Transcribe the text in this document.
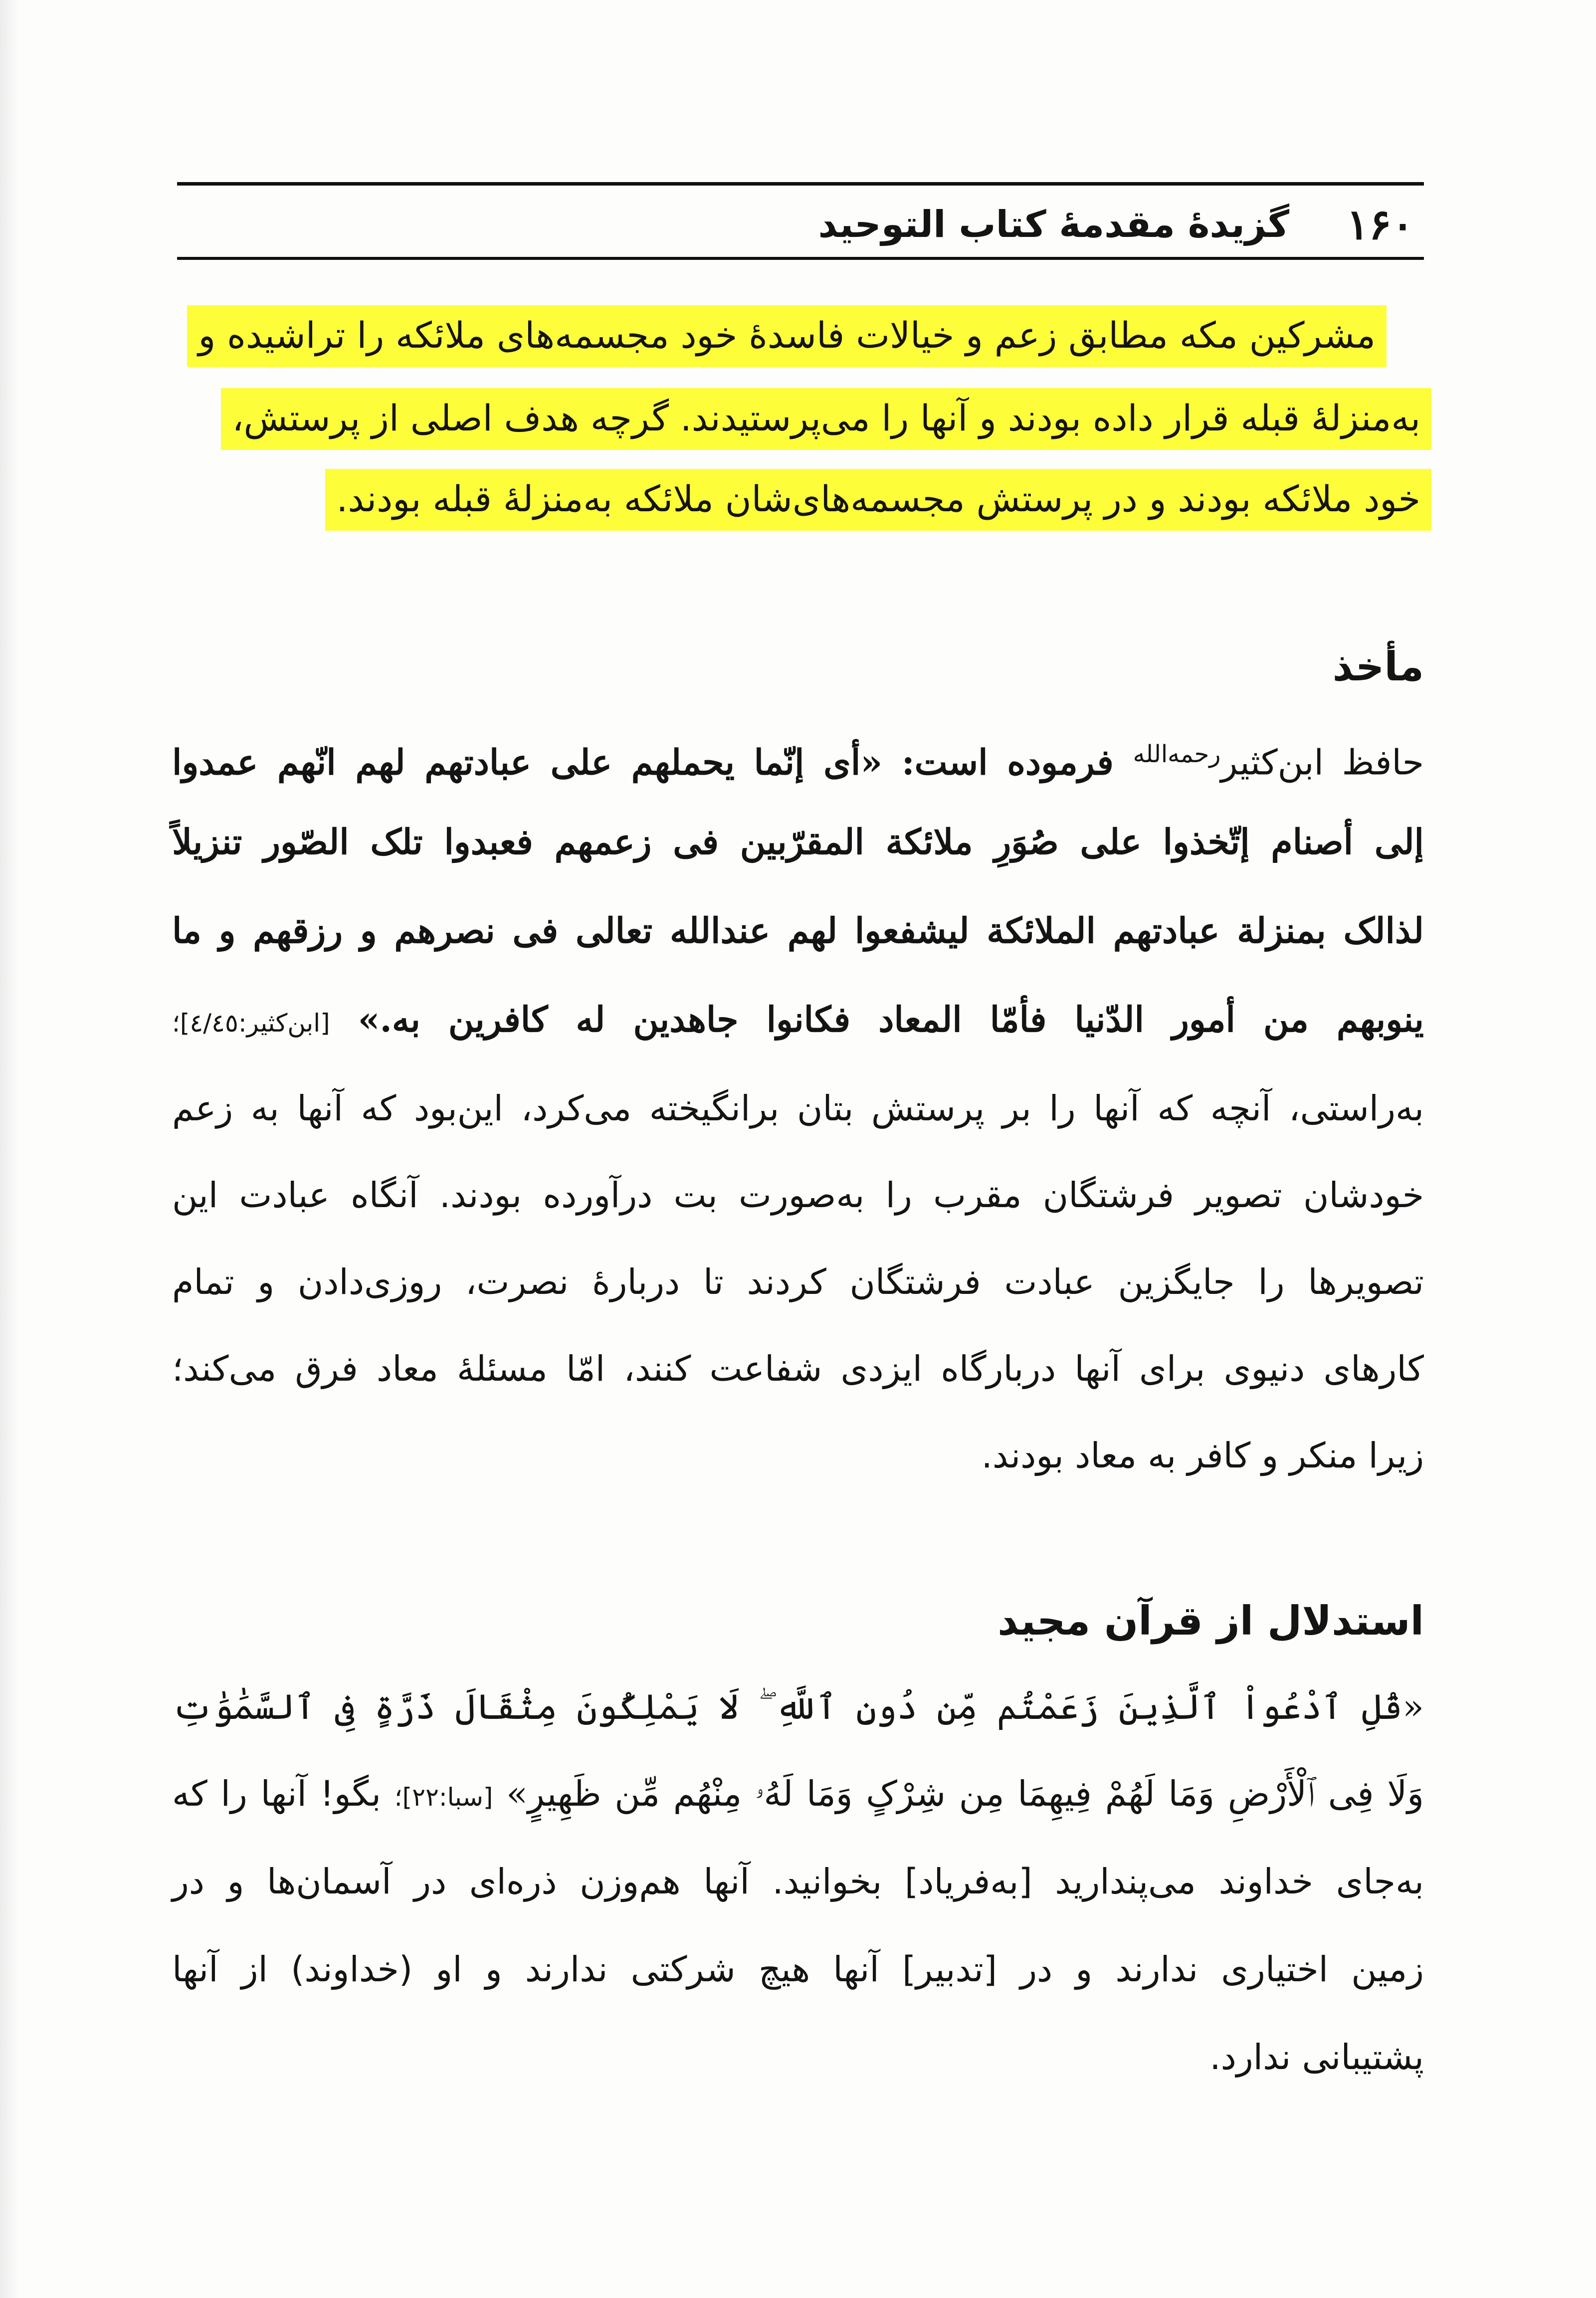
۱۶۰
گزیدهٔ مقدمهٔ کتاب التوحید
مشرکین مکه مطابق زعم و خیالات فاسدهٔ خود مجسمه‌های ملائکه را تراشیده و
به‌منزلهٔ قبله قرار داده بودند و آنها را می‌پرستیدند. گرچه هدف اصلی از پرستش،
خود ملائکه بودند و در پرستش مجسمه‌های‌شان ملائکه به‌منزلهٔ قبله بودند.
مأخذ
حافظ ابن‌کثیر$^{رحمه‌الله}$ فرموده است: «أی إنّما یحملهم علی عبادتهم لهم انّهم عمدوا
إلی أصنام إتّخذوا علی صُوَرِ ملائکة المقرّبین فی زعمهم فعبدوا تلک الصّور تنزیلاً
لذالک بمنزلة عبادتهم الملائکة لیشفعوا لهم عندالله تعالی فی نصرهم و رزقهم و ما
ینوبهم من أمور الدّنیا فأمّا المعاد فکانوا جاهدین له کافرین به.» [ابن‌کثیر:٤/٤٥]؛
به‌راستی، آنچه که آنها را بر پرستش بتان برانگیخته می‌کرد، این‌بود که آنها به زعم
خودشان تصویر فرشتگان مقرب را به‌صورت بت درآورده بودند. آنگاه عبادت این
تصویرها را جایگزین عبادت فرشتگان کردند تا دربارهٔ نصرت، روزی‌دادن و تمام
کارهای دنیوی برای آنها دربارگاه ایزدی شفاعت کنند، امّا مسئلهٔ معاد فرق می‌کند؛
زیرا منکر و کافر به معاد بودند.
استدلال از قرآن مجید
«قُلِ ٱدْعُواْ ٱلَّذِینَ زَعَمْتُم مِّن دُونِ ٱللَّهِ ۖ لَا یَمْلِکُونَ مِثْقَالَ ذَرَّةٍ فِى ٱلسَّمَٰوَٰتِ
وَلَا فِى ٱلْأَرْضِ وَمَا لَهُمْ فِیهِمَا مِن شِرْکٍ وَمَا لَهُۥ مِنْهُم مِّن ظَهِیرٍ» [سبا:۲۲]؛ بگو! آنها را که
به‌جای خداوند می‌پندارید [به‌فریاد] بخوانید. آنها هم‌وزن ذره‌ای در آسمان‌ها و در
زمین اختیاری ندارند و در [تدبیر] آنها هیچ شرکتی ندارند و او (خداوند) از آنها
پشتیبانی ندارد.
